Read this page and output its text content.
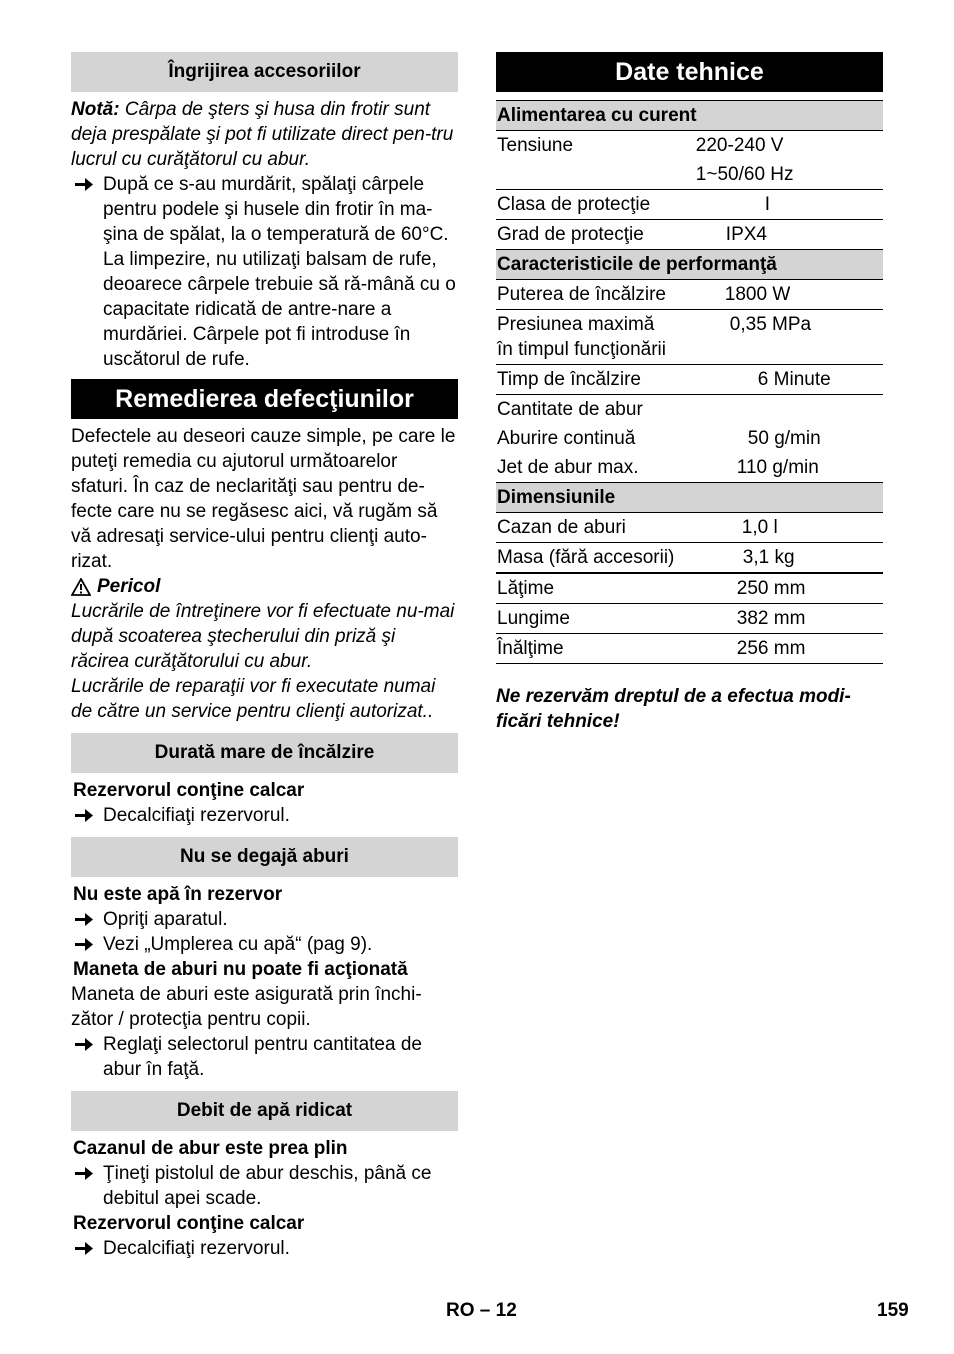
Îngrijirea accesoriilor

Notă: Cârpa de şters şi husa din frotir sunt deja prespălate şi pot fi utilizate direct pen-tru lucrul cu curăţătorul cu abur.

După ce s-au murdărit, spălaţi cârpele pentru podele şi husele din frotir în ma-şina de spălat, la o temperatură de 60°C. La limpezire, nu utilizaţi balsam de rufe, deoarece cârpele trebuie să ră-mână cu o capacitate ridicată de antre-nare a murdăriei. Cârpele pot fi introduse în uscătorul de rufe.
Remedierea defecţiunilor

Defectele au deseori cauze simple, pe care le puteţi remedia cu ajutorul următoarelor sfaturi. În caz de neclarităţi sau pentru de-fecte care nu se regăsesc aici, vă rugăm să vă adresaţi service-ului pentru clienţi auto-rizat.

Pericol

Lucrările de întreţinere vor fi efectuate nu-mai după scoaterea ştecherului din priză şi răcirea curăţătorului cu abur.

Lucrările de reparaţii vor fi executate numai de către un service pentru clienţi autorizat..

Durată mare de încălzire

Rezervorul conţine calcar

Decalcifiaţi rezervorul.
Nu se degajă aburi

Nu este apă în rezervor

Opriţi aparatul.
Vezi „Umplerea cu apă“ (pag 9).

Maneta de aburi nu poate fi acţionată

Maneta de aburi este asigurată prin închi-zător / protecţia pentru copii.

Reglaţi selectorul pentru cantitatea de abur în faţă.
Debit de apă ridicat

Cazanul de abur este prea plin

Ţineţi pistolul de abur deschis, până ce debitul apei scade.

Rezervorul conţine calcar

Decalcifiaţi rezervorul.
Date tehnice
Alimentarea cu curent	
Tensiune	220-240 V
	1~50/60 Hz
Clasa de protecţie	I
Grad de protecţie	IPX4
Caracteristicile de performanţă	
Puterea de încălzire	1800 W
Presiunea maximă în timpul funcţionării	0,35 MPa
Timp de încălzire	6 Minute
Cantitate de abur	
Aburire continuă	50 g/min
Jet de abur max.	110 g/min
Dimensiunile	
Cazan de aburi	1,0 l
Masa (fără accesorii)	3,1 kg
Lăţime	250 mm
Lungime	382 mm
Înălţime	256 mm

Ne rezervăm dreptul de a efectua modi-ficări tehnice!

RO – 12	159
